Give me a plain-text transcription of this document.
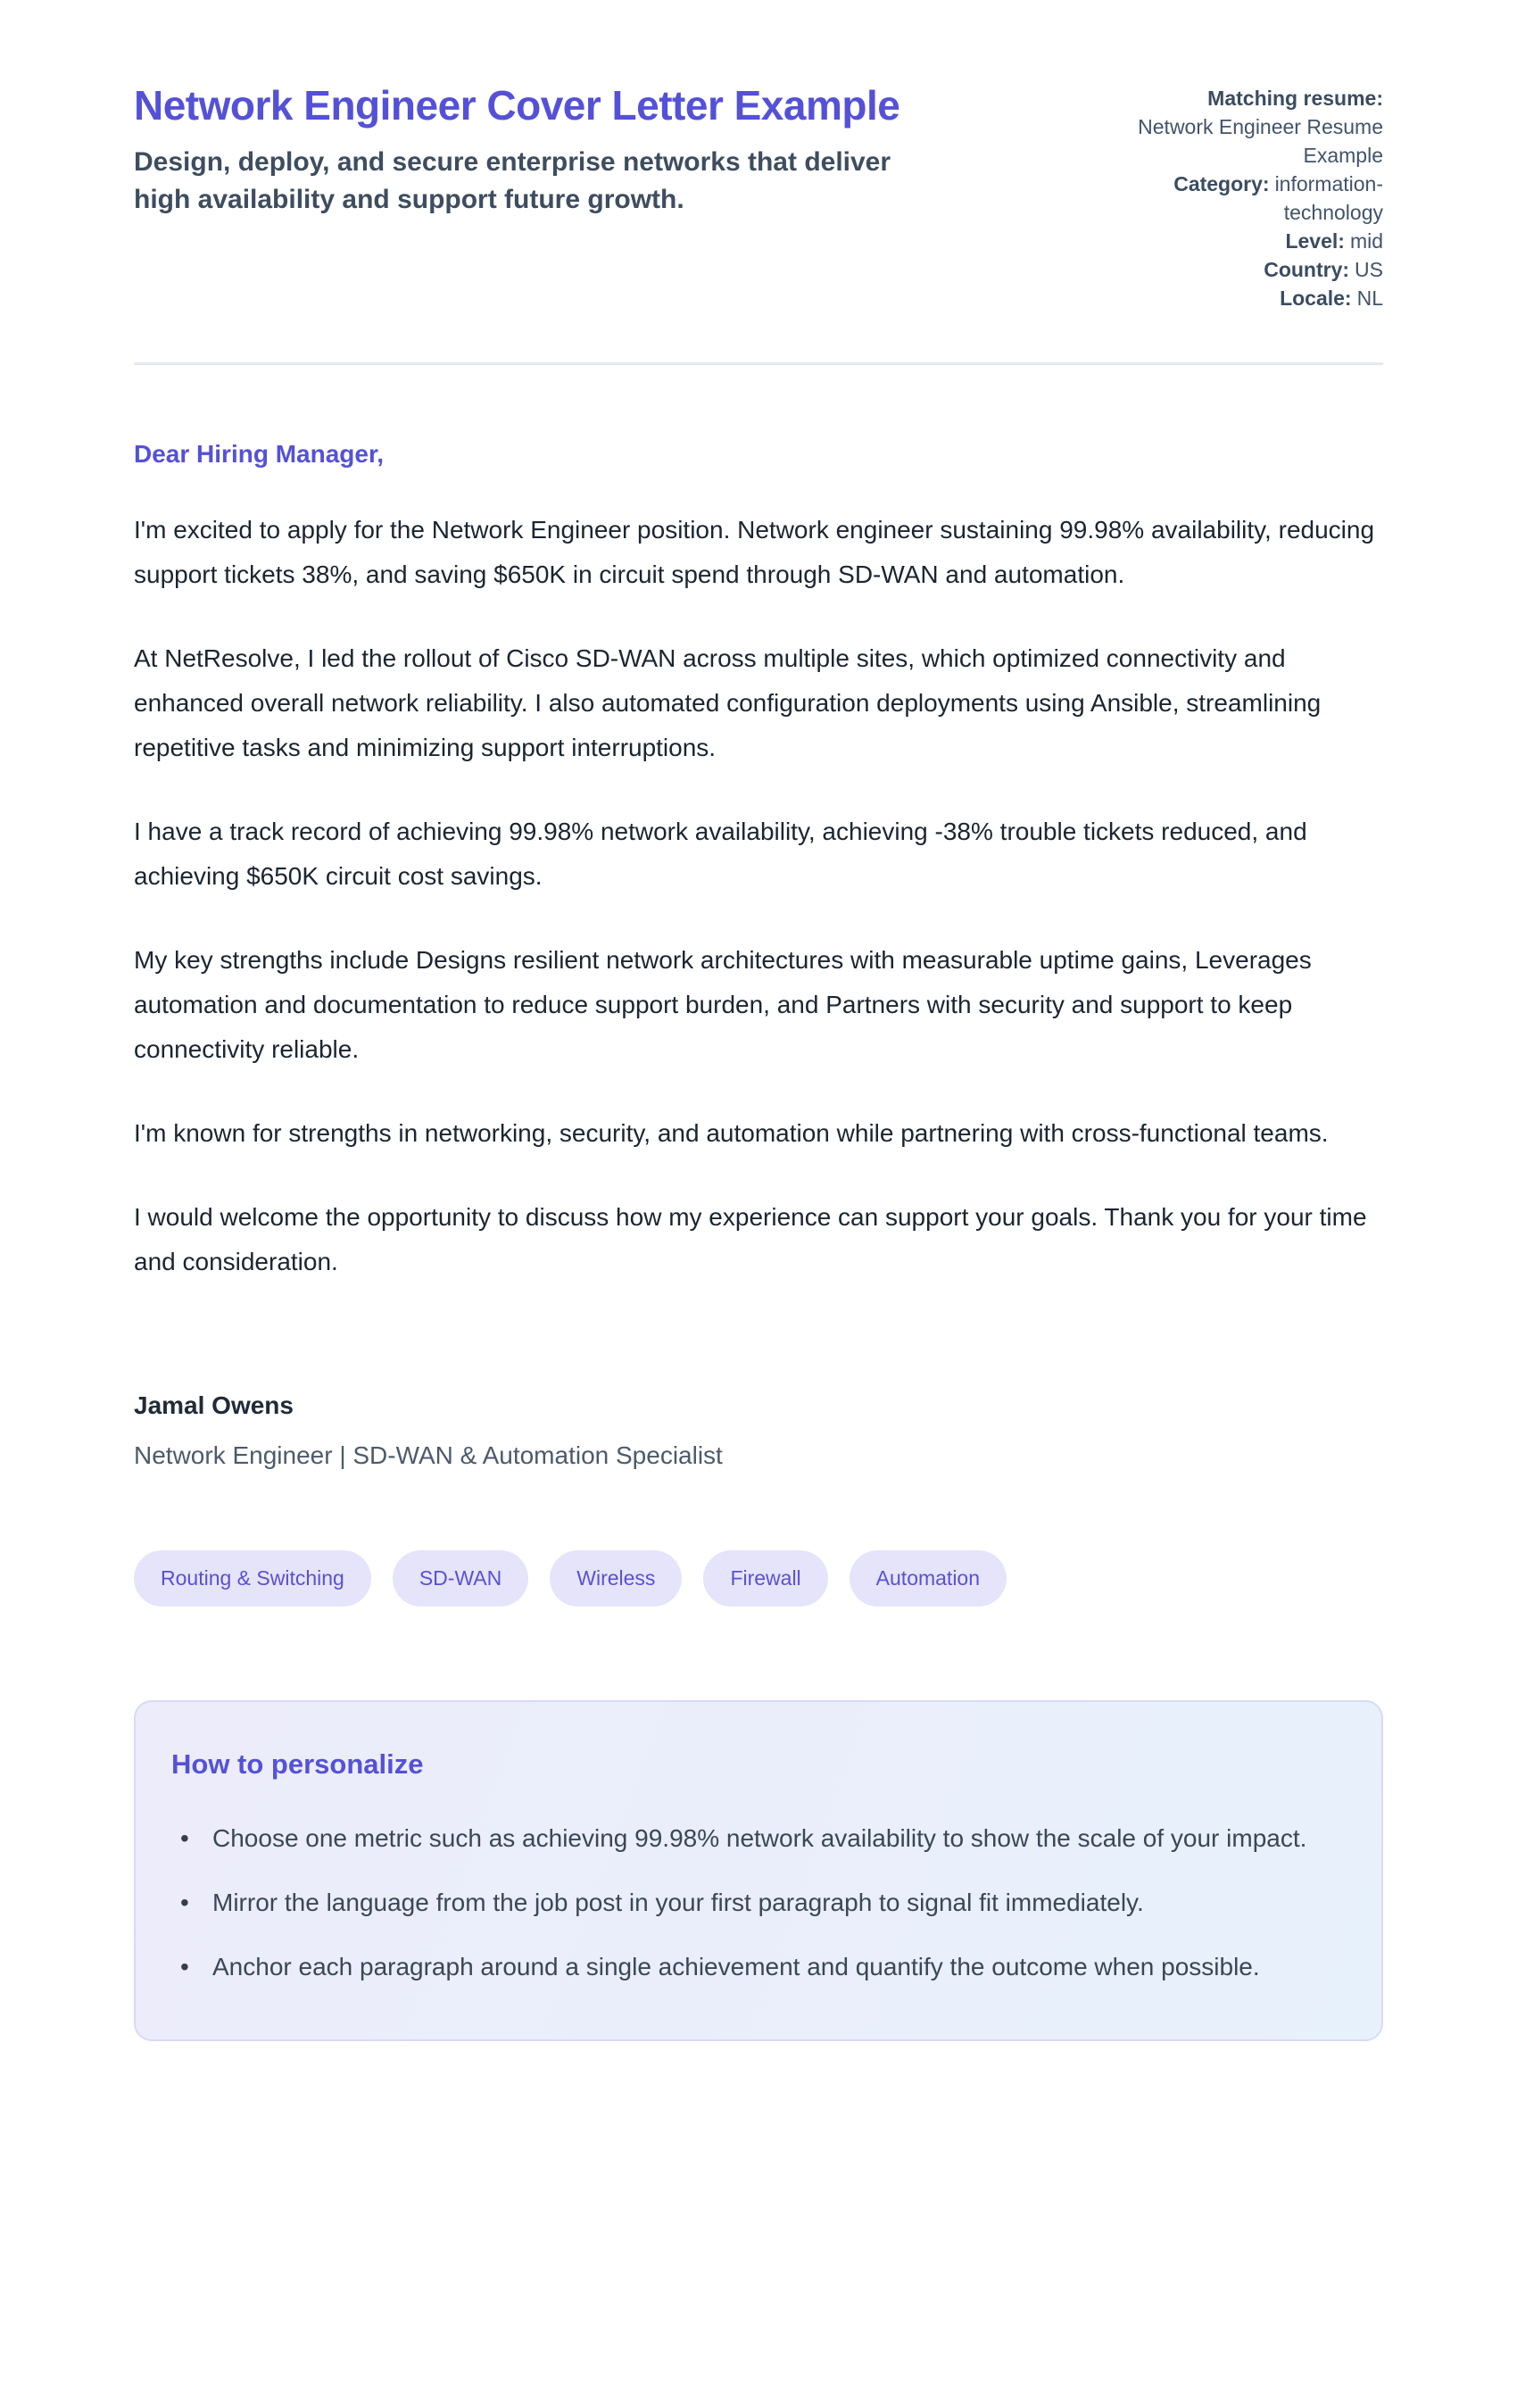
Network Engineer Cover Letter Example
Design, deploy, and secure enterprise networks that deliver high availability and support future growth.
Matching resume:
Network Engineer Resume Example
Category: information-technology
Level: mid
Country: US
Locale: NL
Dear Hiring Manager,

I'm excited to apply for the Network Engineer position. Network engineer sustaining 99.98% availability, reducing support tickets 38%, and saving $650K in circuit spend through SD-WAN and automation.

At NetResolve, I led the rollout of Cisco SD-WAN across multiple sites, which optimized connectivity and enhanced overall network reliability. I also automated configuration deployments using Ansible, streamlining repetitive tasks and minimizing support interruptions.

I have a track record of achieving 99.98% network availability, achieving -38% trouble tickets reduced, and achieving $650K circuit cost savings.

My key strengths include Designs resilient network architectures with measurable uptime gains, Leverages automation and documentation to reduce support burden, and Partners with security and support to keep connectivity reliable.

I'm known for strengths in networking, security, and automation while partnering with cross-functional teams.

I would welcome the opportunity to discuss how my experience can support your goals. Thank you for your time and consideration.

Jamal Owens
Network Engineer | SD-WAN & Automation Specialist
Routing & Switching	SD-WAN	Wireless	Firewall	Automation
How to personalize
• Choose one metric such as achieving 99.98% network availability to show the scale of your impact.
• Mirror the language from the job post in your first paragraph to signal fit immediately.
• Anchor each paragraph around a single achievement and quantify the outcome when possible.
